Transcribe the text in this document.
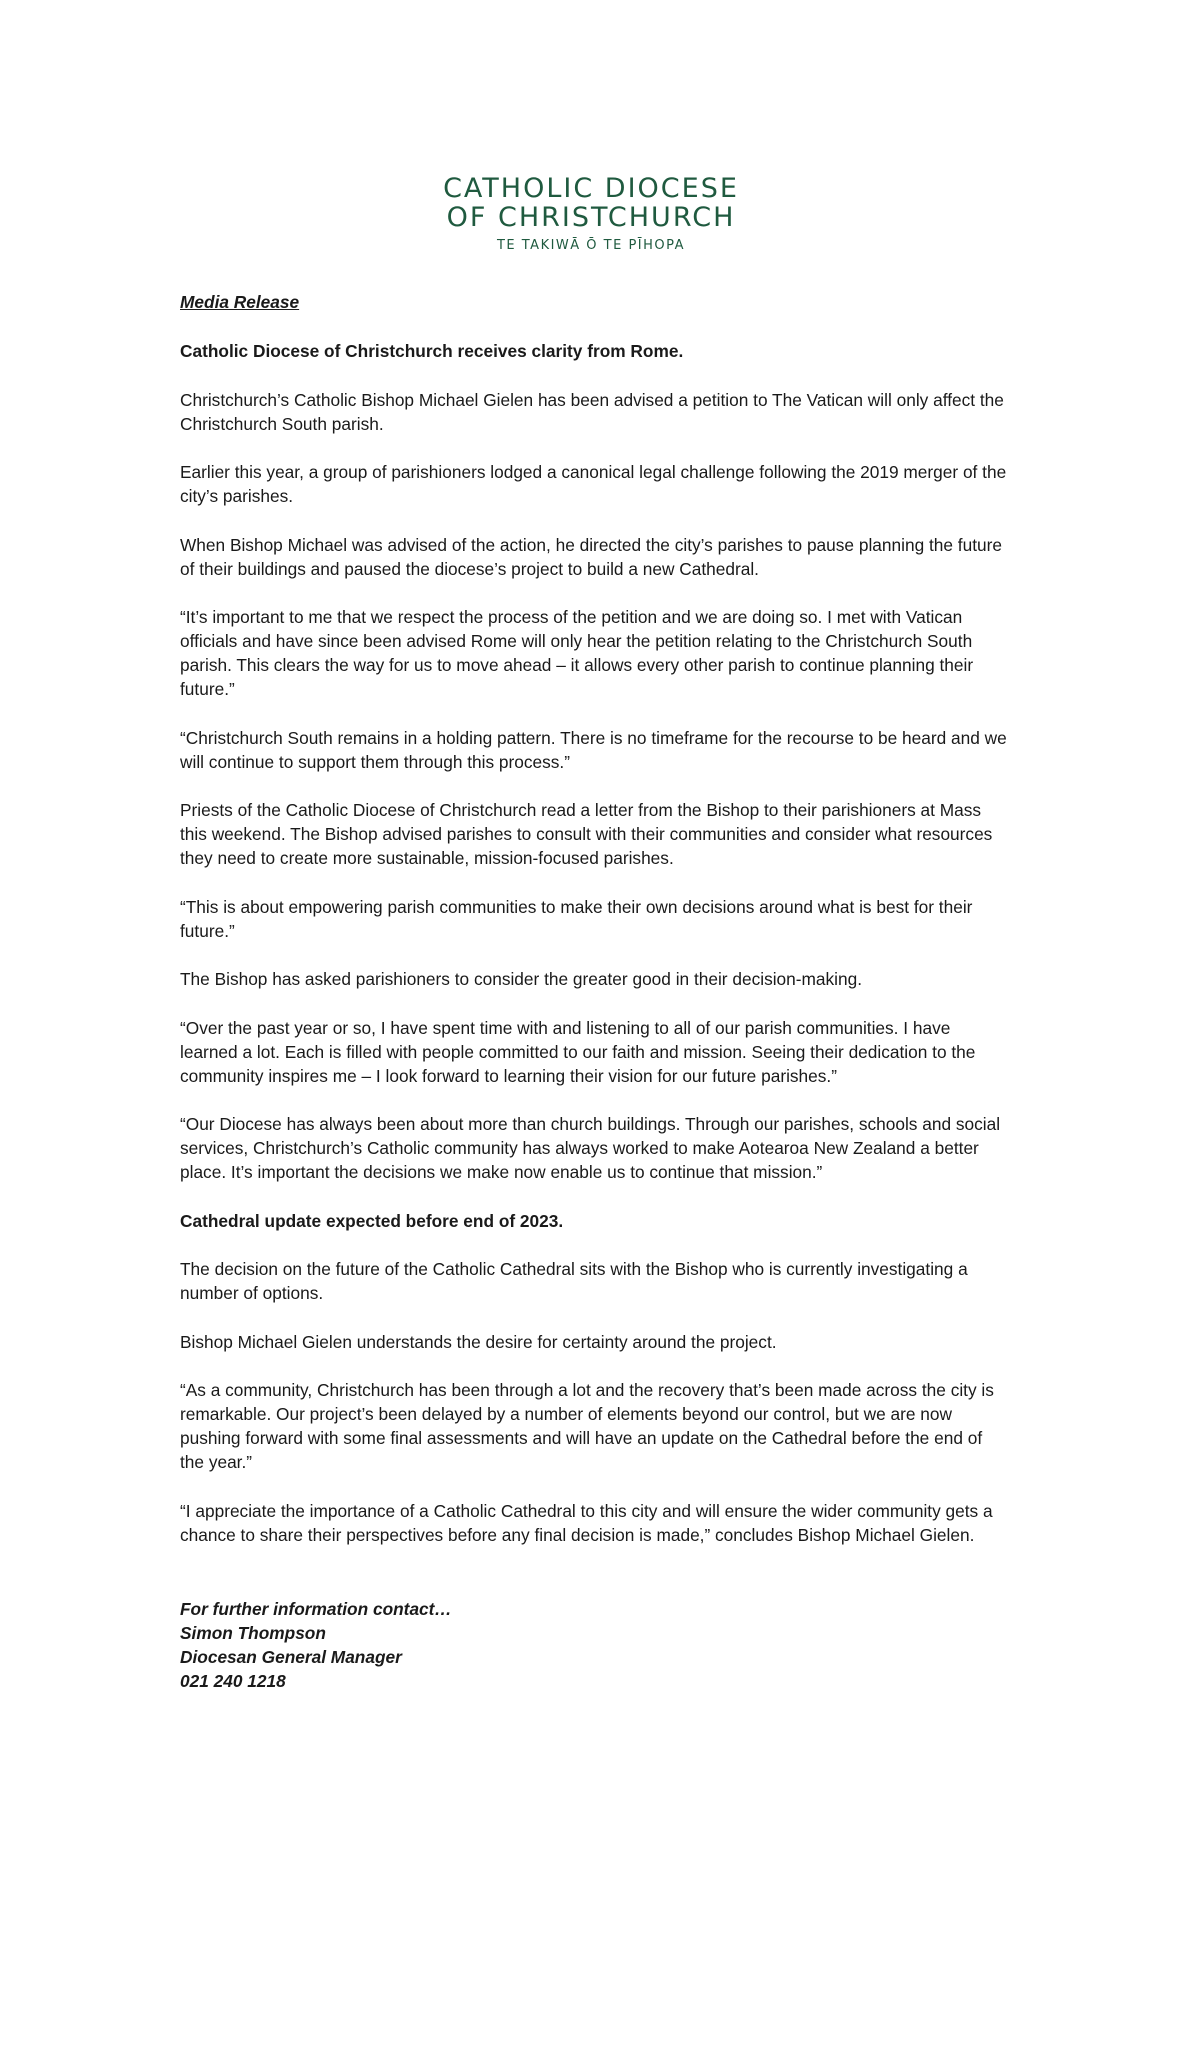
CATHOLIC DIOCESE
OF CHRISTCHURCH
TE TAKIWĀ Ō TE PĪHOPA

Media Release

Catholic Diocese of Christchurch receives clarity from Rome.

Christchurch’s Catholic Bishop Michael Gielen has been advised a petition to The Vatican will only affect the Christchurch South parish.

Earlier this year, a group of parishioners lodged a canonical legal challenge following the 2019 merger of the city’s parishes.

When Bishop Michael was advised of the action, he directed the city’s parishes to pause planning the future of their buildings and paused the diocese’s project to build a new Cathedral.

“It’s important to me that we respect the process of the petition and we are doing so. I met with Vatican officials and have since been advised Rome will only hear the petition relating to the Christchurch South parish. This clears the way for us to move ahead – it allows every other parish to continue planning their future.”

“Christchurch South remains in a holding pattern. There is no timeframe for the recourse to be heard and we will continue to support them through this process.”

Priests of the Catholic Diocese of Christchurch read a letter from the Bishop to their parishioners at Mass this weekend. The Bishop advised parishes to consult with their communities and consider what resources they need to create more sustainable, mission-focused parishes.

“This is about empowering parish communities to make their own decisions around what is best for their future.”

The Bishop has asked parishioners to consider the greater good in their decision-making.

“Over the past year or so, I have spent time with and listening to all of our parish communities. I have learned a lot. Each is filled with people committed to our faith and mission. Seeing their dedication to the community inspires me – I look forward to learning their vision for our future parishes.”

“Our Diocese has always been about more than church buildings. Through our parishes, schools and social services, Christchurch’s Catholic community has always worked to make Aotearoa New Zealand a better place. It’s important the decisions we make now enable us to continue that mission.”

Cathedral update expected before end of 2023.

The decision on the future of the Catholic Cathedral sits with the Bishop who is currently investigating a number of options.

Bishop Michael Gielen understands the desire for certainty around the project.

“As a community, Christchurch has been through a lot and the recovery that’s been made across the city is remarkable. Our project’s been delayed by a number of elements beyond our control, but we are now pushing forward with some final assessments and will have an update on the Cathedral before the end of the year.”

“I appreciate the importance of a Catholic Cathedral to this city and will ensure the wider community gets a chance to share their perspectives before any final decision is made,” concludes Bishop Michael Gielen.

For further information contact…
Simon Thompson
Diocesan General Manager
021 240 1218
